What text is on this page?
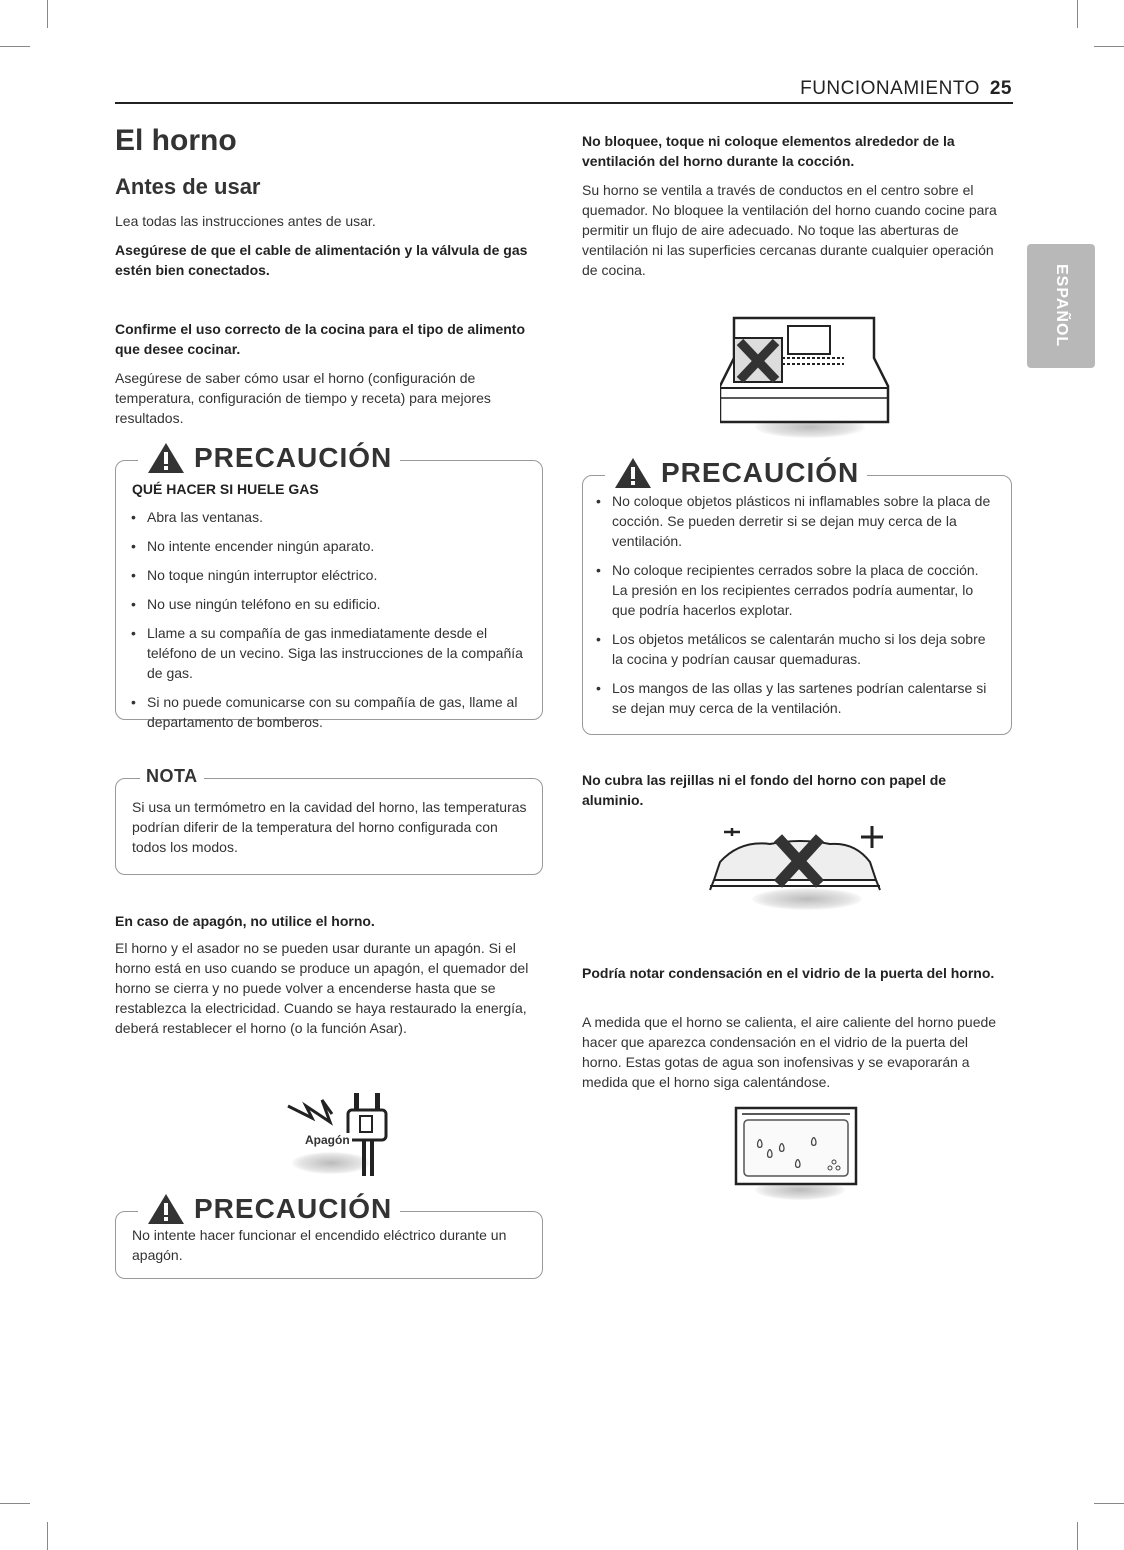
FUNCIONAMIENTO 25
ESPAÑOL
El horno
Antes de usar

Lea todas las instrucciones antes de usar.

Asegúrese de que el cable de alimentación y la válvula de gas estén bien conectados.

Confirme el uso correcto de la cocina para el tipo de alimento que desee cocinar.

Asegúrese de saber cómo usar el horno (configuración de temperatura, configuración de tiempo y receta) para mejores resultados.

PRECAUCIÓN

QUÉ HACER SI HUELE GAS

• Abra las ventanas.
• No intente encender ningún aparato.
• No toque ningún interruptor eléctrico.
• No use ningún teléfono en su edificio.
• Llame a su compañía de gas inmediatamente desde el teléfono de un vecino. Siga las instrucciones de la compañía de gas.
• Si no puede comunicarse con su compañía de gas, llame al departamento de bomberos.
NOTA

Si usa un termómetro en la cavidad del horno, las temperaturas podrían diferir de la temperatura del horno configurada con todos los modos.

En caso de apagón, no utilice el horno.

El horno y el asador no se pueden usar durante un apagón. Si el horno está en uso cuando se produce un apagón, el quemador del horno se cierra y no puede volver a encenderse hasta que se restablezca la electricidad. Cuando se haya restaurado la energía, deberá restablecer el horno (o la función Asar).

Apagón
PRECAUCIÓN

No intente hacer funcionar el encendido eléctrico durante un apagón.

No bloquee, toque ni coloque elementos alrededor de la ventilación del horno durante la cocción.

Su horno se ventila a través de conductos en el centro sobre el quemador. No bloquee la ventilación del horno cuando cocine para permitir un flujo de aire adecuado. No toque las aberturas de ventilación ni las superficies cercanas durante cualquier operación de cocina.

PRECAUCIÓN
• No coloque objetos plásticos ni inflamables sobre la placa de cocción. Se pueden derretir si se dejan muy cerca de la ventilación.
• No coloque recipientes cerrados sobre la placa de cocción. La presión en los recipientes cerrados podría aumentar, lo que podría hacerlos explotar.
• Los objetos metálicos se calentarán mucho si los deja sobre la cocina y podrían causar quemaduras.
• Los mangos de las ollas y las sartenes podrían calentarse si se dejan muy cerca de la ventilación.

No cubra las rejillas ni el fondo del horno con papel de aluminio.

Podría notar condensación en el vidrio de la puerta del horno.

A medida que el horno se calienta, el aire caliente del horno puede hacer que aparezca condensación en el vidrio de la puerta del horno. Estas gotas de agua son inofensivas y se evaporarán a medida que el horno siga calentándose.

٥
٥ ٥
٥
٥
